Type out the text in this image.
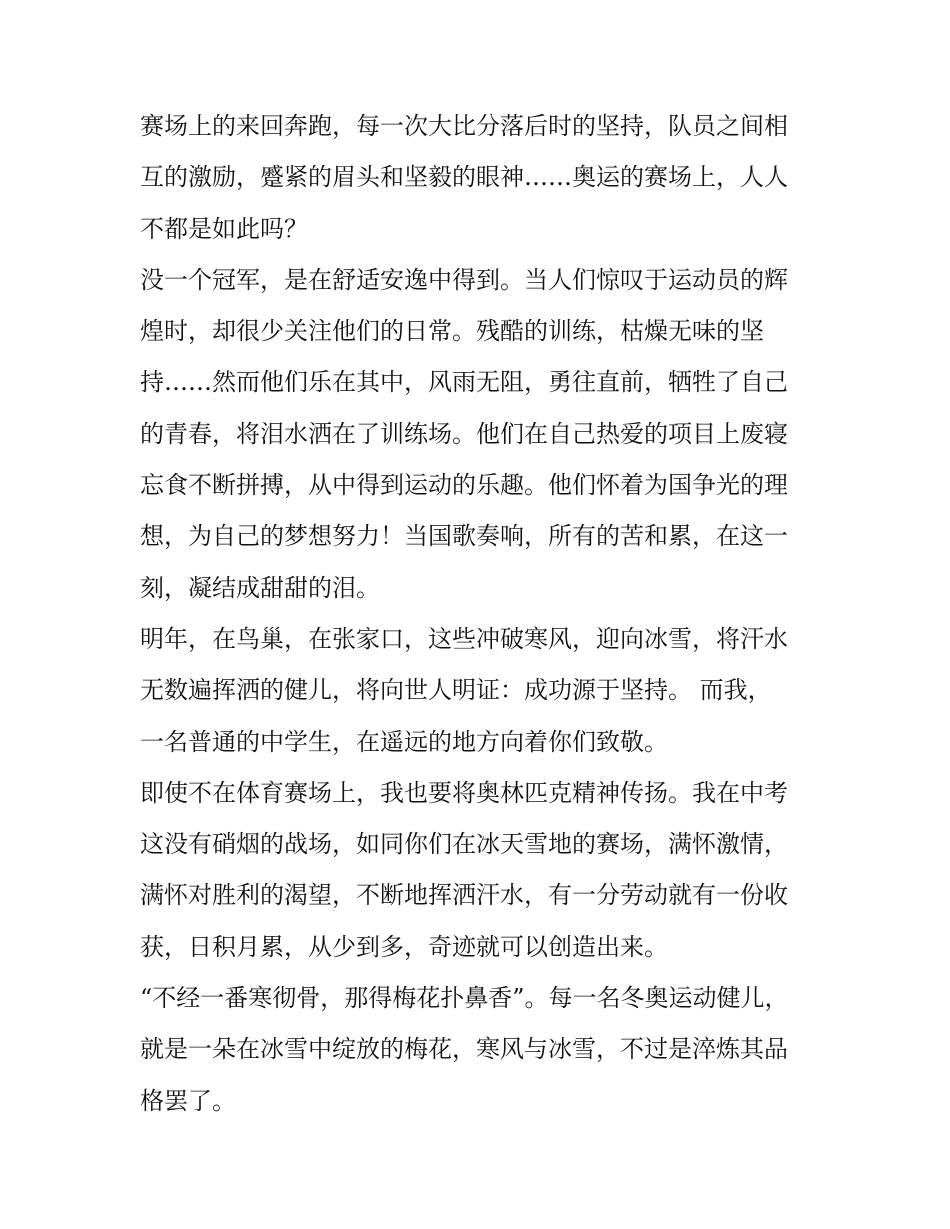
赛场上的来回奔跑，每一次大比分落后时的坚持，队员之间相
互的激励，蹙紧的眉头和坚毅的眼神……奥运的赛场上，人人
不都是如此吗？
没一个冠军，是在舒适安逸中得到。当人们惊叹于运动员的辉
煌时，却很少关注他们的日常。残酷的训练，枯燥无味的坚
持……然而他们乐在其中，风雨无阻，勇往直前，牺牲了自己
的青春，将泪水洒在了训练场。他们在自己热爱的项目上废寝
忘食不断拼搏，从中得到运动的乐趣。他们怀着为国争光的理
想，为自己的梦想努力！当国歌奏响，所有的苦和累，在这一
刻，凝结成甜甜的泪。
明年，在鸟巢，在张家口，这些冲破寒风，迎向冰雪，将汗水
无数遍挥洒的健儿，将向世人明证：成功源于坚持。 而我，
一名普通的中学生，在遥远的地方向着你们致敬。
即使不在体育赛场上，我也要将奥林匹克精神传扬。我在中考
这没有硝烟的战场，如同你们在冰天雪地的赛场，满怀激情，
满怀对胜利的渴望，不断地挥洒汗水，有一分劳动就有一份收
获，日积月累，从少到多，奇迹就可以创造出来。
“不经一番寒彻骨，那得梅花扑鼻香”。每一名冬奥运动健儿，
就是一朵在冰雪中绽放的梅花，寒风与冰雪，不过是淬炼其品
格罢了。
